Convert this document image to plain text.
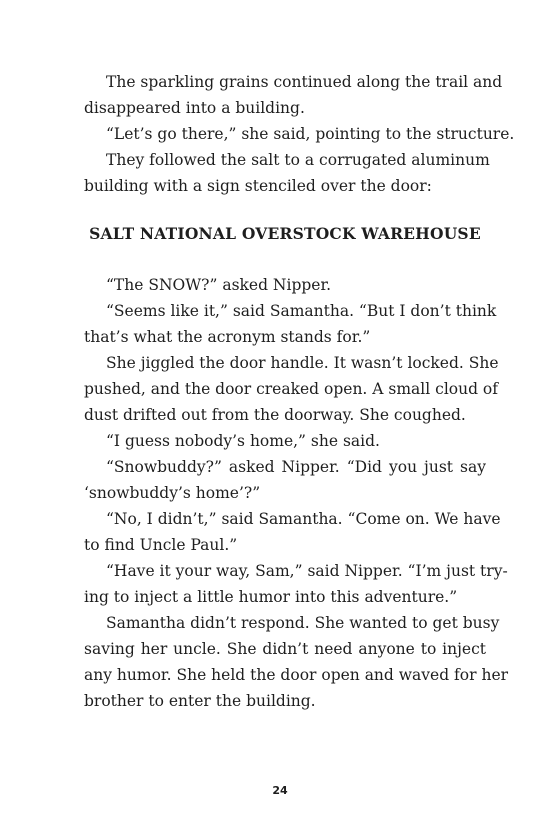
The sparkling grains continued along the trail and
disappeared into a building.
“Let’s go there,” she said, pointing to the structure.
They followed the salt to a corrugated aluminum
building with a sign stenciled over the door:
SALT NATIONAL OVERSTOCK WAREHOUSE
“The SNOW?” asked Nipper.
“Seems like it,” said Samantha. “But I don’t think
that’s what the acronym stands for.”
She jiggled the door handle. It wasn’t locked. She
pushed, and the door creaked open. A small cloud of
dust drifted out from the doorway. She coughed.
“I guess nobody’s home,” she said.
“Snowbuddy?” asked Nipper. “Did you just say
‘snowbuddy’s home’?”
“No, I didn’t,” said Samantha. “Come on. We have
to find Uncle Paul.”
“Have it your way, Sam,” said Nipper. “I’m just try-
ing to inject a little humor into this adventure.”
Samantha didn’t respond. She wanted to get busy
saving her uncle. She didn’t need anyone to inject
any humor. She held the door open and waved for her
brother to enter the building.
24
